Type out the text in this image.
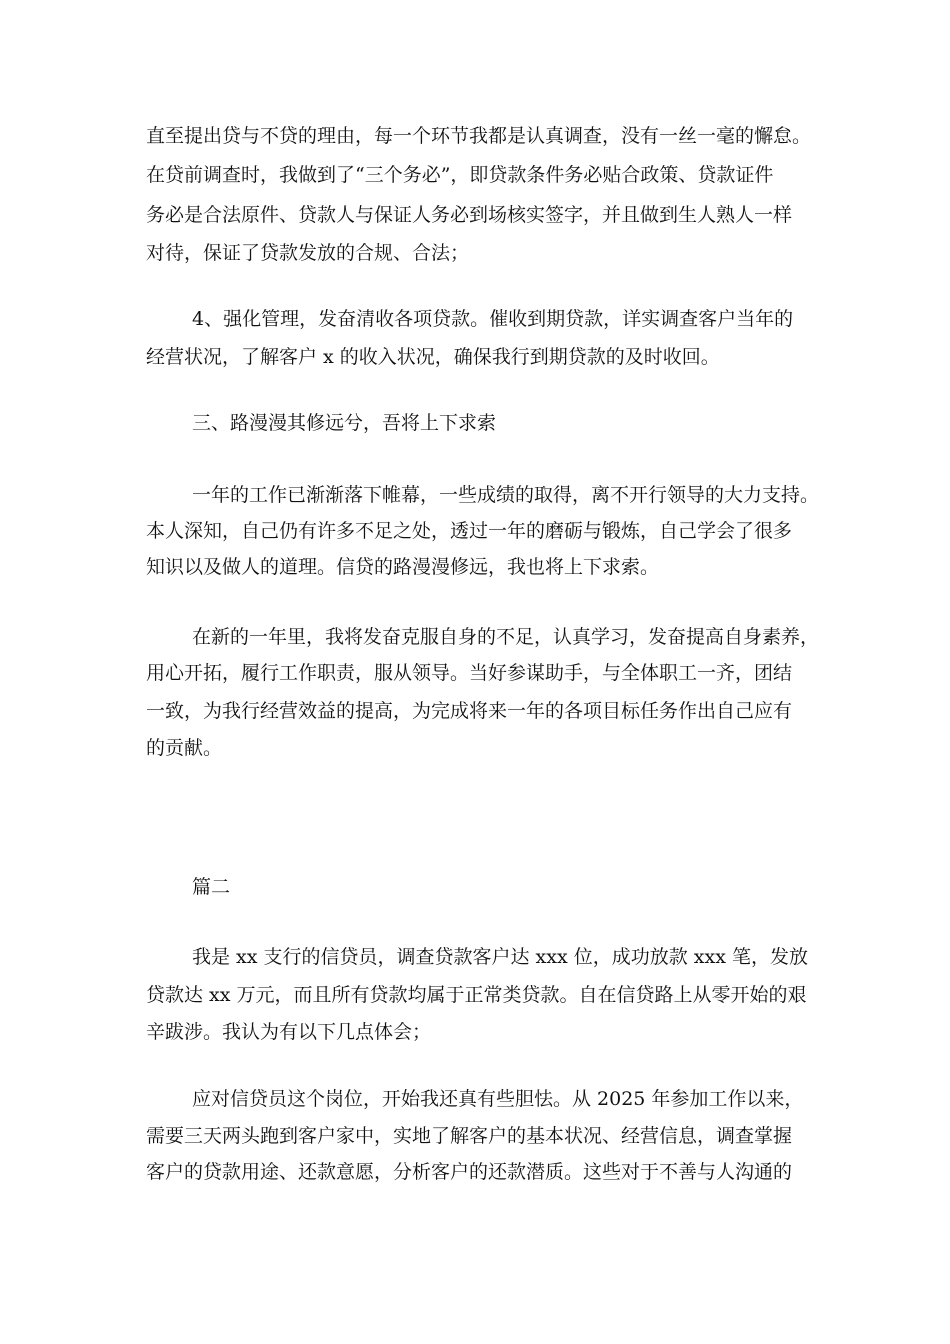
直至提出贷与不贷的理由，每一个环节我都是认真调查，没有一丝一毫的懈怠。
在贷前调查时，我做到了“三个务必”，即贷款条件务必贴合政策、贷款证件
务必是合法原件、贷款人与保证人务必到场核实签字，并且做到生人熟人一样
对待，保证了贷款发放的合规、合法；
4、强化管理，发奋清收各项贷款。催收到期贷款，详实调查客户当年的
经营状况，了解客户 x 的收入状况，确保我行到期贷款的及时收回。
三、路漫漫其修远兮，吾将上下求索
一年的工作已渐渐落下帷幕，一些成绩的取得，离不开行领导的大力支持。
本人深知，自己仍有许多不足之处，透过一年的磨砺与锻炼，自己学会了很多
知识以及做人的道理。信贷的路漫漫修远，我也将上下求索。
在新的一年里，我将发奋克服自身的不足，认真学习，发奋提高自身素养，
用心开拓，履行工作职责，服从领导。当好参谋助手，与全体职工一齐，团结
一致，为我行经营效益的提高，为完成将来一年的各项目标任务作出自己应有
的贡献。
篇二
我是 xx 支行的信贷员，调查贷款客户达 xxx 位，成功放款 xxx 笔，发放
贷款达 xx 万元，而且所有贷款均属于正常类贷款。自在信贷路上从零开始的艰
辛跋涉。我认为有以下几点体会；
应对信贷员这个岗位，开始我还真有些胆怯。从 2025 年参加工作以来，
需要三天两头跑到客户家中，实地了解客户的基本状况、经营信息，调查掌握
客户的贷款用途、还款意愿，分析客户的还款潜质。这些对于不善与人沟通的
